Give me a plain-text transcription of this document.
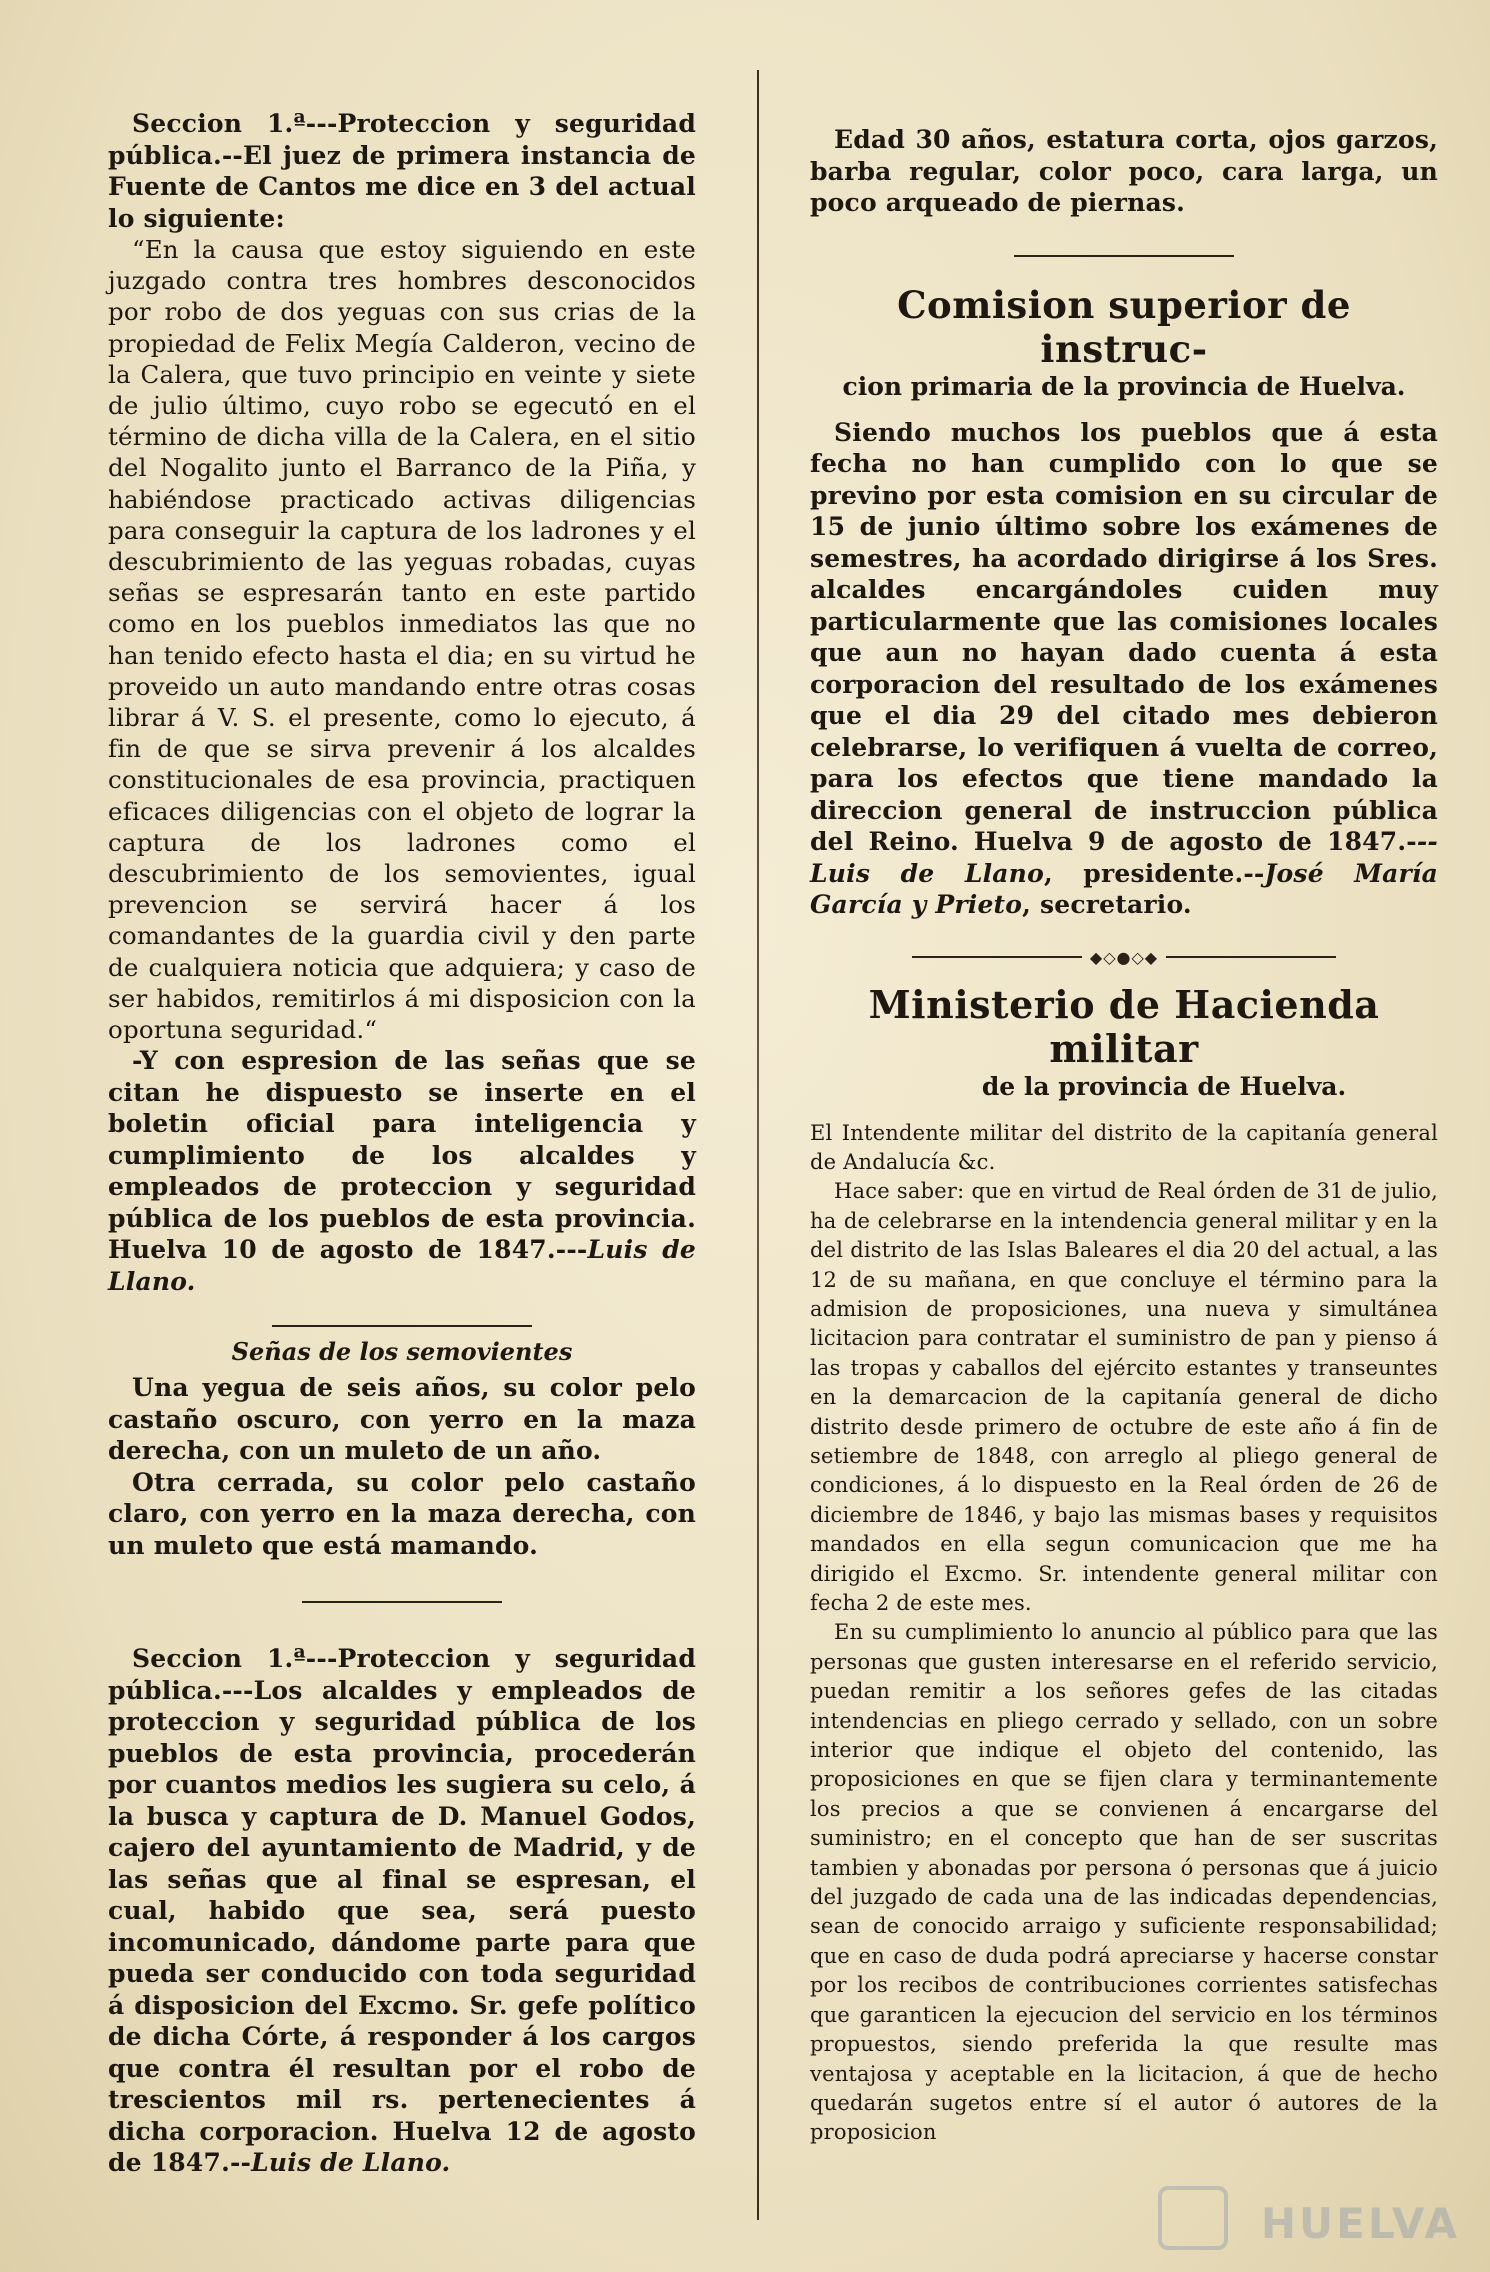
Seccion 1.ª---Proteccion y seguridad pública.--El juez de primera instancia de Fuente de Cantos me dice en 3 del actual lo siguiente:

“En la causa que estoy siguiendo en este juzgado contra tres hombres desconocidos por robo de dos yeguas con sus crias de la propiedad de Felix Megía Calderon, vecino de la Calera, que tuvo principio en veinte y siete de julio último, cuyo robo se egecutó en el término de dicha villa de la Calera, en el sitio del Nogalito junto el Barranco de la Piña, y habiéndose practicado activas diligencias para conseguir la captura de los ladrones y el descubrimiento de las yeguas robadas, cuyas señas se espresarán tanto en este partido como en los pueblos inmediatos las que no han tenido efecto hasta el dia; en su virtud he proveido un auto mandando entre otras cosas librar á V. S. el presente, como lo ejecuto, á fin de que se sirva prevenir á los alcaldes constitucionales de esa provincia, practiquen eficaces diligencias con el objeto de lograr la captura de los ladrones como el descubrimiento de los semovientes, igual prevencion se servirá hacer á los comandantes de la guardia civil y den parte de cualquiera noticia que adquiera; y caso de ser habidos, remitirlos á mi disposicion con la oportuna seguridad.“

-Y con espresion de las señas que se citan he dispuesto se inserte en el boletin oficial para inteligencia y cumplimiento de los alcaldes y empleados de proteccion y seguridad pública de los pueblos de esta provincia. Huelva 10 de agosto de 1847.---Luis de Llano.

Señas de los semovientes

Una yegua de seis años, su color pelo castaño oscuro, con yerro en la maza derecha, con un muleto de un año.

Otra cerrada, su color pelo castaño claro, con yerro en la maza derecha, con un muleto que está mamando.

Seccion 1.ª---Proteccion y seguridad pública.---Los alcaldes y empleados de proteccion y seguridad pública de los pueblos de esta provincia, procederán por cuantos medios les sugiera su celo, á la busca y captura de D. Manuel Godos, cajero del ayuntamiento de Madrid, y de las señas que al final se espresan, el cual, habido que sea, será puesto incomunicado, dándome parte para que pueda ser conducido con toda seguridad á disposicion del Excmo. Sr. gefe político de dicha Córte, á responder á los cargos que contra él resultan por el robo de trescientos mil rs. pertenecientes á dicha corporacion. Huelva 12 de agosto de 1847.--Luis de Llano.

Edad 30 años, estatura corta, ojos garzos, barba regular, color poco, cara larga, un poco arqueado de piernas.

Comision superior de instruc-
cion primaria de la provincia de Huelva.

Siendo muchos los pueblos que á esta fecha no han cumplido con lo que se previno por esta comision en su circular de 15 de junio último sobre los exámenes de semestres, ha acordado dirigirse á los Sres. alcaldes encargándoles cuiden muy particularmente que las comisiones locales que aun no hayan dado cuenta á esta corporacion del resultado de los exámenes que el dia 29 del citado mes debieron celebrarse, lo verifiquen á vuelta de correo, para los efectos que tiene mandado la direccion general de instruccion pública del Reino. Huelva 9 de agosto de 1847.---Luis de Llano, presidente.--José María García y Prieto, secretario.

◆◇●◇◆
Ministerio de Hacienda militar
de la provincia de Huelva.

El Intendente militar del distrito de la capitanía general de Andalucía &c.

Hace saber: que en virtud de Real órden de 31 de julio, ha de celebrarse en la intendencia general militar y en la del distrito de las Islas Baleares el dia 20 del actual, a las 12 de su mañana, en que concluye el término para la admision de proposiciones, una nueva y simultánea licitacion para contratar el suministro de pan y pienso á las tropas y caballos del ejército estantes y transeuntes en la demarcacion de la capitanía general de dicho distrito desde primero de octubre de este año á fin de setiembre de 1848, con arreglo al pliego general de condiciones, á lo dispuesto en la Real órden de 26 de diciembre de 1846, y bajo las mismas bases y requisitos mandados en ella segun comunicacion que me ha dirigido el Excmo. Sr. intendente general militar con fecha 2 de este mes.

En su cumplimiento lo anuncio al público para que las personas que gusten interesarse en el referido servicio, puedan remitir a los señores gefes de las citadas intendencias en pliego cerrado y sellado, con un sobre interior que indique el objeto del contenido, las proposiciones en que se fijen clara y terminantemente los precios a que se convienen á encargarse del suministro; en el concepto que han de ser suscritas tambien y abonadas por persona ó personas que á juicio del juzgado de cada una de las indicadas dependencias, sean de conocido arraigo y suficiente responsabilidad; que en caso de duda podrá apreciarse y hacerse constar por los recibos de contribuciones corrientes satisfechas que garanticen la ejecucion del servicio en los términos propuestos, siendo preferida la que resulte mas ventajosa y aceptable en la licitacion, á que de hecho quedarán sugetos entre sí el autor ó autores de la proposicion

HUELVA
